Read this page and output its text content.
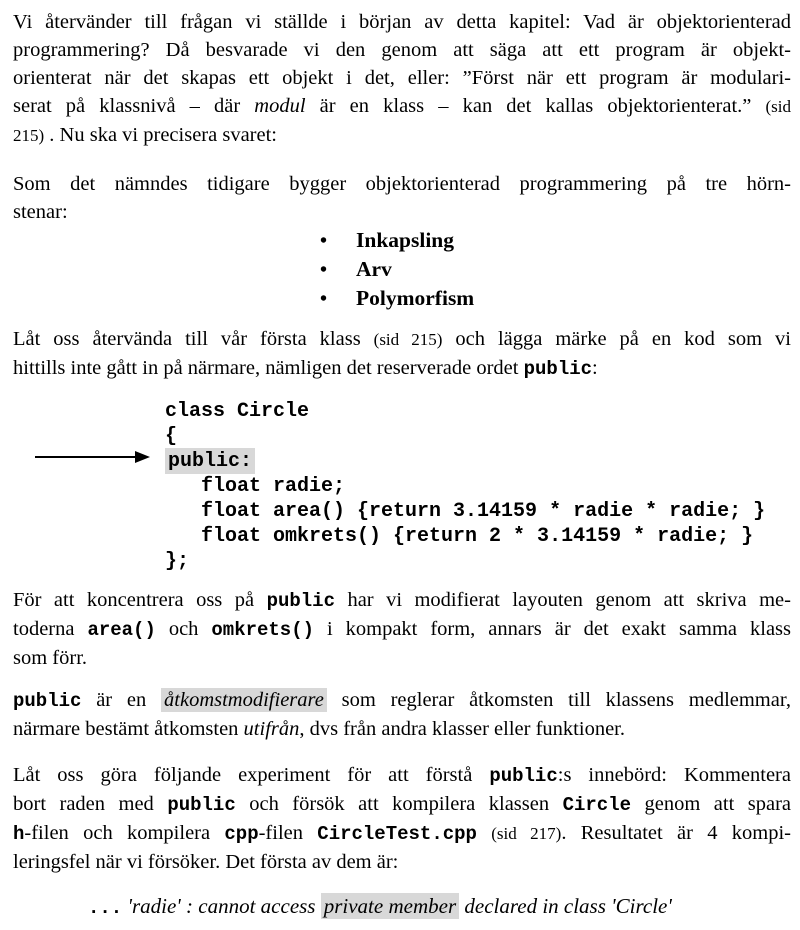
Vi återvänder till frågan vi ställde i början av detta kapitel: Vad är objektorienterad
programmering? Då besvarade vi den genom att säga att ett program är objekt-
orienterat när det skapas ett objekt i det, eller: ”Först när ett program är modulari-
serat på klassnivå – där modul är en klass – kan det kallas objektorienterat.” (sid
215) . Nu ska vi precisera svaret:
Som det nämndes tidigare bygger objektorienterad programmering på tre hörn-
stenar:
• Inkapsling
• Arv
• Polymorfism
Låt oss återvända till vår första klass (sid 215) och lägga märke på en kod som vi
hittills inte gått in på närmare, nämligen det reserverade ordet public:
class Circle
{
public:
float radie;
float area() {return 3.14159 * radie * radie; }
float omkrets() {return 2 * 3.14159 * radie; }
};
För att koncentrera oss på public har vi modifierat layouten genom att skriva me-
toderna area() och omkrets() i kompakt form, annars är det exakt samma klass
som förr.
public är en åtkomstmodifierare som reglerar åtkomsten till klassens medlemmar,
närmare bestämt åtkomsten utifrån, dvs från andra klasser eller funktioner.
Låt oss göra följande experiment för att förstå public:s innebörd: Kommentera
bort raden med public och försök att kompilera klassen Circle genom att spara
h-filen och kompilera cpp-filen CircleTest.cpp (sid 217). Resultatet är 4 kompi-
leringsfel när vi försöker. Det första av dem är:
... 'radie' : cannot access private member declared in class 'Circle'
